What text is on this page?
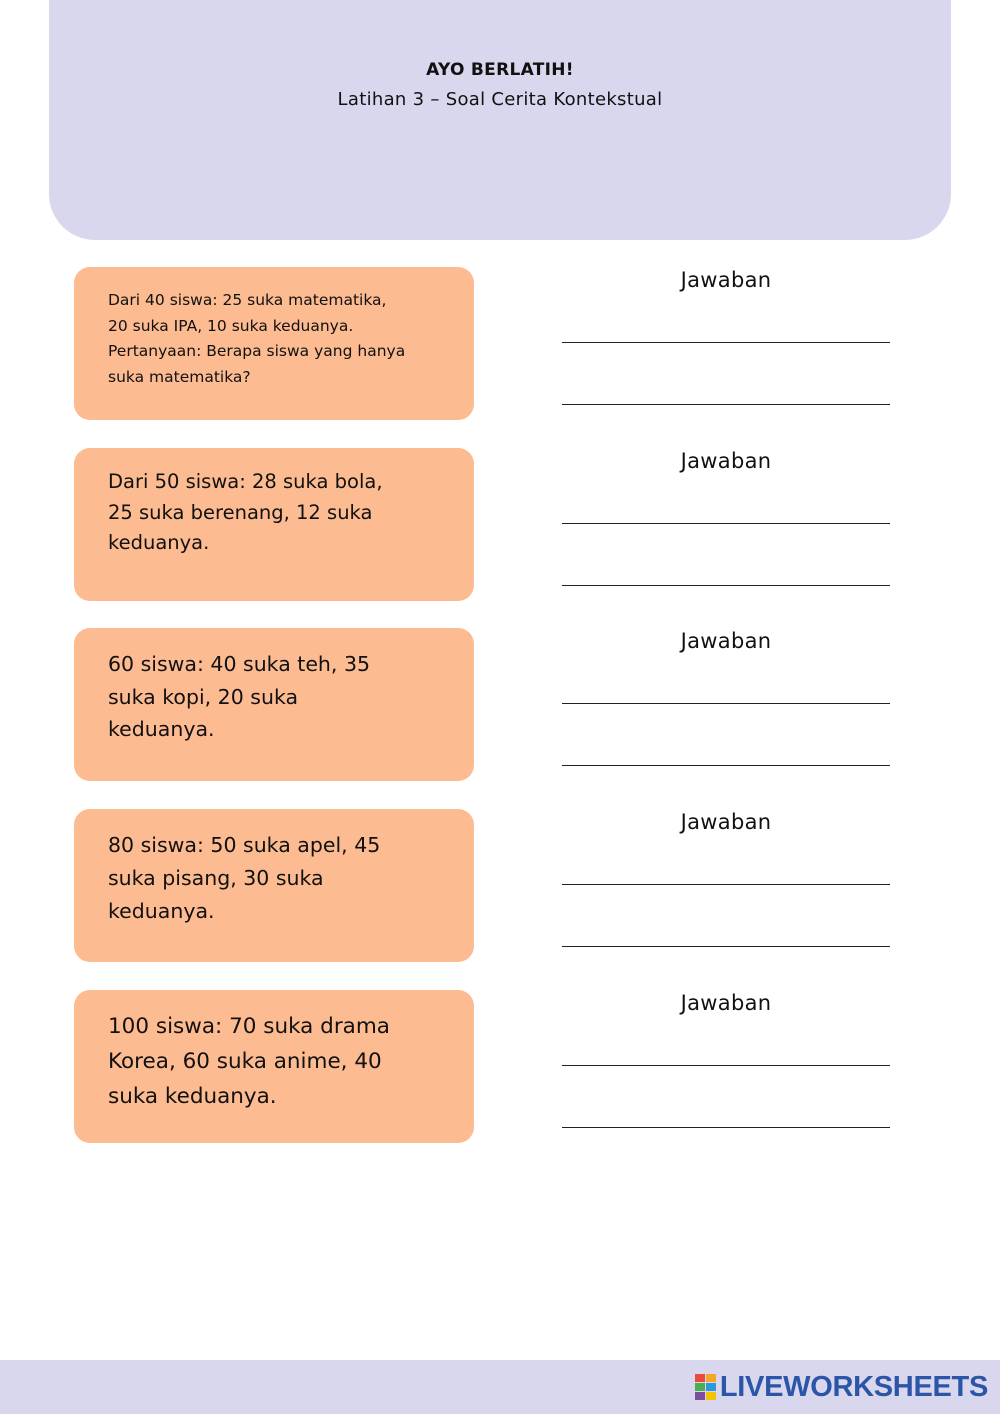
AYO BERLATIH!
Latihan 3 – Soal Cerita Kontekstual
Dari 40 siswa: 25 suka matematika,
20 suka IPA, 10 suka keduanya.
Pertanyaan: Berapa siswa yang hanya
suka matematika?
Jawaban
Dari 50 siswa: 28 suka bola,
25 suka berenang, 12 suka
keduanya.
Jawaban
60 siswa: 40 suka teh, 35
suka kopi, 20 suka
keduanya.
Jawaban
80 siswa: 50 suka apel, 45
suka pisang, 30 suka
keduanya.
Jawaban
100 siswa: 70 suka drama
Korea, 60 suka anime, 40
suka keduanya.
Jawaban
LIVEWORKSHEETS
